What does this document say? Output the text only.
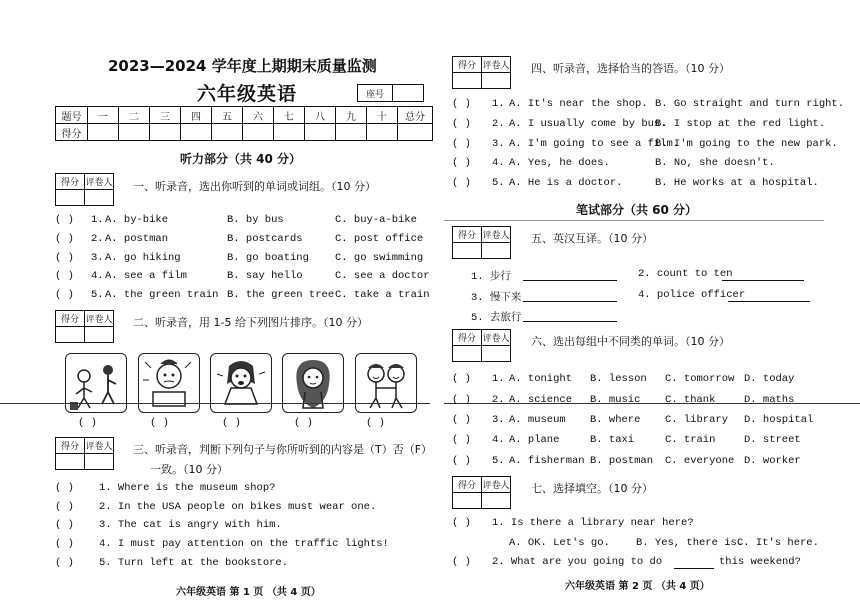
2023—2024 学年度上期期末质量监测
六年级英语	座号	
题号	一	二	三	四	五	六	七	八	九	十	总分
得分											
听力部分（共 40 分）
得分	评卷人
	一、听录音，选出你听到的单词或词组。（10 分）
( ) 1. A. by-bike	B. by bus	C. buy-a-bike
( ) 2. A. postman	B. postcards	C. post office
( ) 3. A. go hiking	B. go boating C. go swimming
( ) 4. A. see a film	B. say hello	C. see a doctor
( ) 5. A. the green train B. the green tree C. take a train
得分	评卷人
	二、听录音，用 1-5 给下列图片排序。（10 分）
( )	( )	( )	( )	( )
得分	评卷人
	三、听录音，判断下列句子与你所听到的内容是（T）否（F）
一致。（10 分）
( ) 1. Where is the museum shop?
( ) 2. In the USA people on bikes must wear one.
( ) 3. The cat is angry with him.
( ) 4. I must pay attention on the traffic lights!
( ) 5. Turn left at the bookstore.
六年级英语 第 1 页 （共 4 页）
得分	评卷人
	四、听录音，选择恰当的答语。（10 分）
( ) 1. A. It's near the shop. B. Go straight and turn right.
( ) 2. A. I usually come by bus.
B. I stop at the red light.
( ) 3. A. I'm going to see a film.
B. I'm going to the new park.
( ) 4. A. Yes, he does.	B. No, she doesn't.
( ) 5. A. He is a doctor.	B. He works at a hospital.
笔试部分（共 60 分）
得分	评卷人
	五、英汉互译。（10 分）
1. 步行	2. count to ten
3. 慢下来	4. police officer
5. 去旅行
得分	评卷人
	六、选出每组中不同类的单词。（10 分）
( ) 1. A. tonight B. lesson C. tomorrow D. today
( ) 2. A. science B. music C. thank	D. maths
( ) 3. A. museum B. where C. library D. hospital
( ) 4. A. plane	B. taxi	C. train	D. street
( ) 5. A. fisherman B. postman C. everyone D. worker
得分	评卷人
	七、选择填空。（10 分）
( ) 1. Is there a library near here?
A. OK. Let's go. B. Yes, there is.
C. It's here.
( ) 2. What are you going to do	this weekend?
六年级英语 第 2 页 （共 4 页）
